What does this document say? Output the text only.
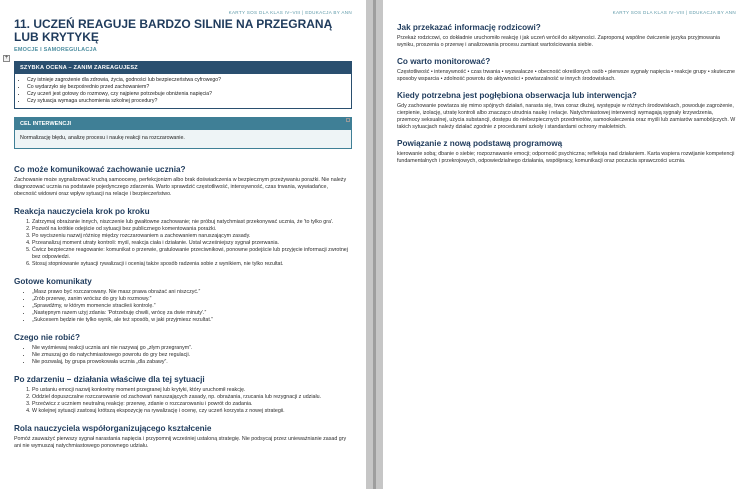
KARTY SOS DLA KLAS IV–VIII | EDUKACJA BY ANN
11. UCZEŃ REAGUJE BARDZO SILNIE NA PRZEGRANĄ LUB KRYTYKĘ
EMOCJE I SAMOREGULACJA
SZYBKA OCENA – ZANIM ZAREAGUJESZ
• Czy istnieje zagrożenie dla zdrowia, życia, godności lub bezpieczeństwa cyfrowego?
• Co wydarzyło się bezpośrednio przed zachowaniem?
• Czy uczeń jest gotowy do rozmowy, czy najpierw potrzebuje obniżenia napięcia?
• Czy sytuacja wymaga uruchomienia szkolnej procedury?
CEL INTERWENCJI
Normalizację błędu, analizę procesu i naukę reakcji na rozczarowanie.
Co może komunikować zachowanie ucznia?

Zachowanie może sygnalizować kruchą samoocenę, perfekcjonizm albo brak doświadczenia w bezpiecznym przeżywaniu porażki. Nie należy diagnozować ucznia na podstawie pojedynczego zdarzenia. Warto sprawdzić częstotliwość, intensywność, czas trwania, wywiadańce, obecność widowni oraz wpływ sytuacji na relacje i bezpieczeństwo.

Reakcja nauczyciela krok po kroku
1. Zatrzymaj obrażanie innych, niszczenie lub gwałtowne zachowanie; nie próbuj natychmiast przekonywać ucznia, że 'to tylko gra'.
2. Pozwól na krótkie odejście od sytuacji bez publicznego komentowania porażki.
3. Po wyciszeniu nazwij różnicę między rozczarowaniem a zachowaniem naruszającym zasady.
4. Przeanalizuj moment utraty kontroli: myśl, reakcja ciała i działanie. Ustal wcześniejszy sygnał przerwania.
5. Ćwicz bezpieczne reagowanie: komunikat o przerwie, gratulowanie przeciwnikowi, ponowne podejście lub przyjęcie informacji zwrotnej bez odpowiedzi.
6. Stosuj stopniowanie sytuacji rywalizacji i oceniaj także sposób radzenia sobie z wynikiem, nie tylko rezultat.
Gotowe komunikaty
• „Masz prawo być rozczarowany. Nie masz prawa obrażać ani niszczyć.”
• „Zrób przerwę, zanim wrócisz do gry lub rozmowy.”
• „Sprawdźmy, w którym momencie straciłeś kontrolę.”
• „Następnym razem użyj zdania: 'Potrzebuję chwili, wrócę za dwie minuty'.”
• „Sukcesem będzie nie tylko wynik, ale też sposób, w jaki przyjmiesz rezultat.”
Czego nie robić?
• Nie wyśmiewaj reakcji ucznia ani nie nazywaj go „złym przegranym”.
• Nie zmuszaj go do natychmiastowego powrotu do gry bez regulacji.
• Nie pozwalaj, by grupa prowokowała ucznia „dla zabawy”.
Po zdarzeniu – działania właściwe dla tej sytuacji
1. Po ustaniu emocji nazwij konkretny moment przegranej lub krytyki, który uruchomił reakcję.
2. Oddziel dopuszczalne rozczarowanie od zachowań naruszających zasady, np. obrażania, rzucania lub rezygnacji z udziału.
3. Przećwicz z uczniem neutralną reakcję: przerwę, zdanie o rozczarowaniu i powrót do zadania.
4. W kolejnej sytuacji zastosuj krótszą ekspozycję na rywalizację i ocenę, czy uczeń korzysta z nowej strategii.
Rola nauczyciela współorganizującego kształcenie

Pomóż zauważyć pierwszy sygnał narastania napięcia i przypomnij wcześniej ustaloną strategię. Nie podsycaj przez unieważnianie zasad gry ani nie wymuszaj natychmiastowego ponownego udziału.

+
KARTY SOS DLA KLAS IV–VIII | EDUKACJA BY ANN
Jak przekazać informację rodzicowi?

Przekaż rodzicowi, co dokładnie uruchomiło reakcję i jak uczeń wrócił do aktywności. Zaproponuj wspólne ćwiczenie języka przyjmowania wyniku, proszenia o przerwę i analizowania procesu zamiast wartościowania siebie.

Co warto monitorować?

Częstotliwość • intensywność • czas trwania • wyzwalacze • obecność określonych osób • pierwsze sygnały napięcia • reakcje grupy • skuteczne sposoby wsparcia • zdolność powrotu do aktywności • powtarzalność w innych środowiskach.

Kiedy potrzebna jest pogłębiona obserwacja lub interwencja?

Gdy zachowanie powtarza się mimo spójnych działań, narasta się, trwa coraz dłużej, występuje w różnych środowiskach, powoduje zagrożenie, cierpienie, izolację, utratę kontroli albo znacząco utrudnia naukę i relacje. Natychmiastowej interwencji wymagają sygnały krzywdzenia, przemocy seksualnej, użycia substancji, dostępu do niebezpiecznych przedmiotów, samookaleczenia oraz myśli lub zamiarów samobójczych. W takich sytuacjach należy działać zgodnie z procedurami szkoły i standardami ochrony małoletnich.

Powiązanie z nową podstawą programową

kierowanie sobą; dbanie o siebie; rozpoznawanie emocji; odporność psychiczna; refleksja nad działaniem. Karta wspiera rozwijanie kompetencji fundamentalnych i przekrojowych, odpowiedzialnego działania, współpracy, komunikacji oraz poczucia sprawczości ucznia.
